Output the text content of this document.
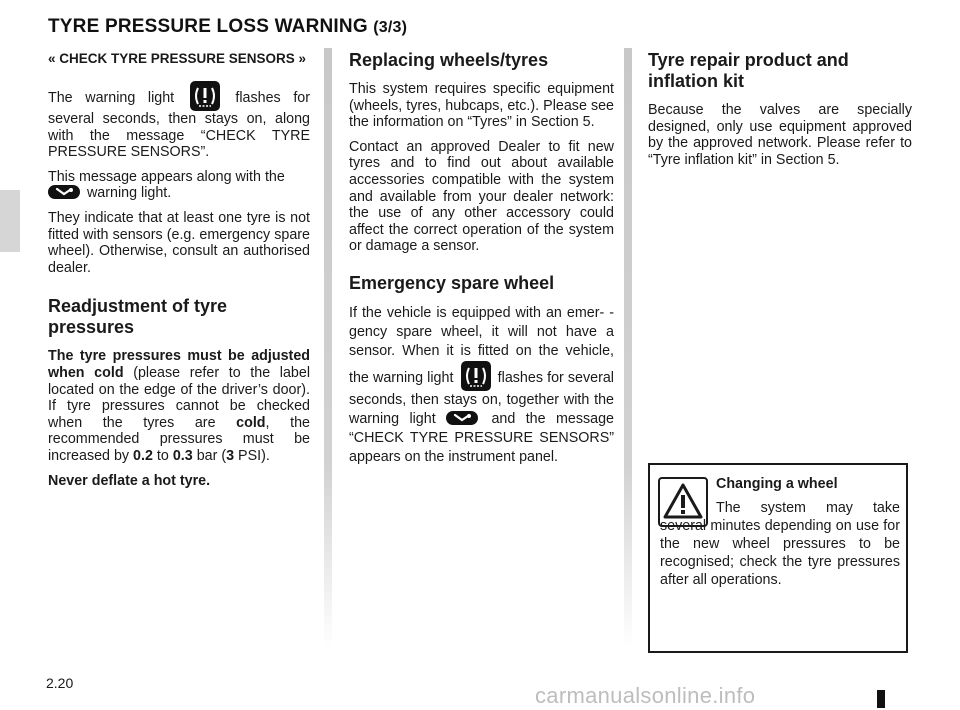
TYRE PRESSURE LOSS WARNING (3/3)

« CHECK TYRE PRESSURE SENSORS »

The warning light	flashes for several seconds, then stays on, along with the message “CHECK TYRE PRESSURE SENSORS”.

This message appears along with the

warning light.

They indicate that at least one tyre is not fitted with sensors (e.g. emergency spare wheel). Otherwise, consult an authorised dealer.

Readjustment of tyre pressures

The tyre pressures must be adjusted when cold (please refer to the label located on the edge of the driver’s door). If tyre pressures cannot be checked when the tyres are cold, the recommended pressures must be increased by 0.2 to 0.3 bar (3 PSI).

Never deflate a hot tyre.

Replacing wheels/tyres

This system requires specific equipment (wheels, tyres, hubcaps, etc.). Please see the information on “Tyres” in Section 5.

Contact an approved Dealer to fit new tyres and to find out about available accessories compatible with the system and available from your dealer network: the use of any other accessory could affect the correct operation of the system or damage a sensor.

Emergency spare wheel

If the vehicle is equipped with an emer- - gency spare wheel, it will not have a sensor. When it is fitted on the vehicle, the warning light	flashes for several seconds, then stays on, together with the warning light	and the message “CHECK TYRE PRESSURE SENSORS” appears on the instrument panel.

Tyre repair product and inflation kit

Because the valves are specially designed, only use equipment approved by the approved network. Please refer to “Tyre inflation kit” in Section 5.

Changing a wheel

The system may take several minutes depending on use for the new wheel pressures to be recognised; check the tyre pressures after all operations.

2.20	carmanualsonline.info
